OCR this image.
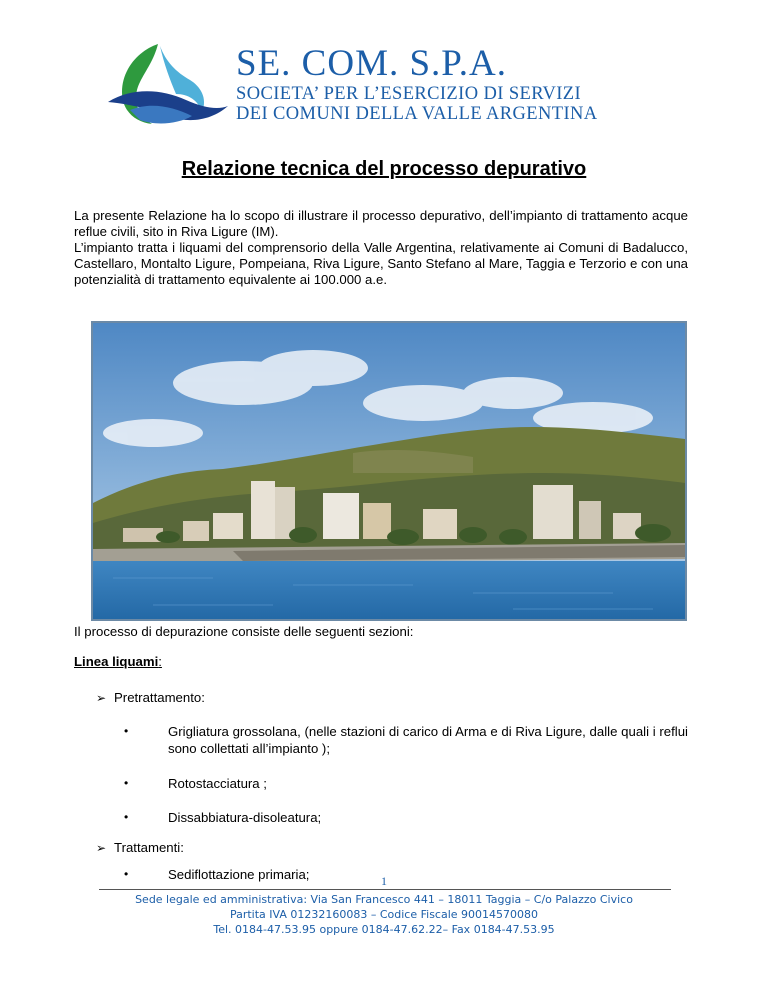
SE. COM. S.P.A.
SOCIETA’ PER L’ESERCIZIO DI SERVIZI
DEI COMUNI DELLA VALLE ARGENTINA
Relazione tecnica del processo depurativo

La presente Relazione ha lo scopo di illustrare il processo depurativo, dell’impianto di trattamento acque reflue civili, sito in Riva Ligure (IM).

L’impianto tratta i liquami del comprensorio della Valle Argentina, relativamente ai Comuni di Badalucco, Castellaro, Montalto Ligure, Pompeiana, Riva Ligure, Santo Stefano al Mare, Taggia e Terzorio e con una potenzialità di trattamento equivalente ai 100.000 a.e.

Il processo di depurazione consiste delle seguenti sezioni:
Linea liquami:
➢ Pretrattamento:
•	Grigliatura grossolana, (nelle stazioni di carico di Arma e di Riva Ligure, dalle quali i reflui sono collettati all’impianto );
•	Rotostacciatura ;
•	Dissabbiatura-disoleatura;
➢ Trattamenti:
•	Sediflottazione primaria;	1
Sede legale ed amministrativa: Via San Francesco 441 – 18011 Taggia – C/o Palazzo Civico
Partita IVA 01232160083 – Codice Fiscale 90014570080
Tel. 0184-47.53.95 oppure 0184-47.62.22– Fax 0184-47.53.95
